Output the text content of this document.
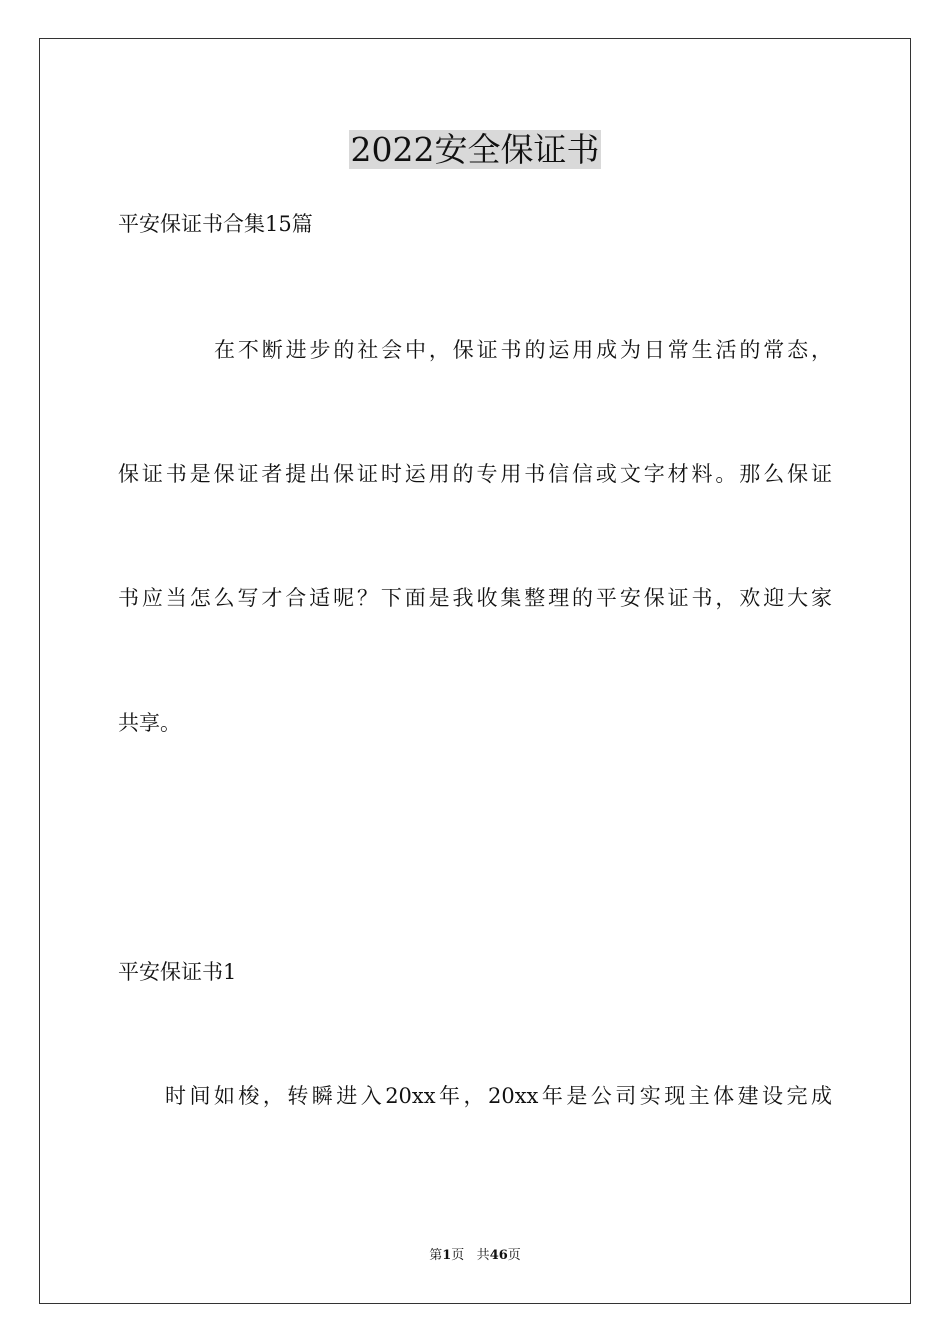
2022安全保证书
平安保证书合集15篇
在不断进步的社会中，保证书的运用成为日常生活的常态，
保证书是保证者提出保证时运用的专用书信信或文字材料。那么保证
书应当怎么写才合适呢？下面是我收集整理的平安保证书，欢迎大家
共享。
平安保证书1
时间如梭，转瞬进入20xx年，20xx年是公司实现主体建设完成
第1页 共46页
